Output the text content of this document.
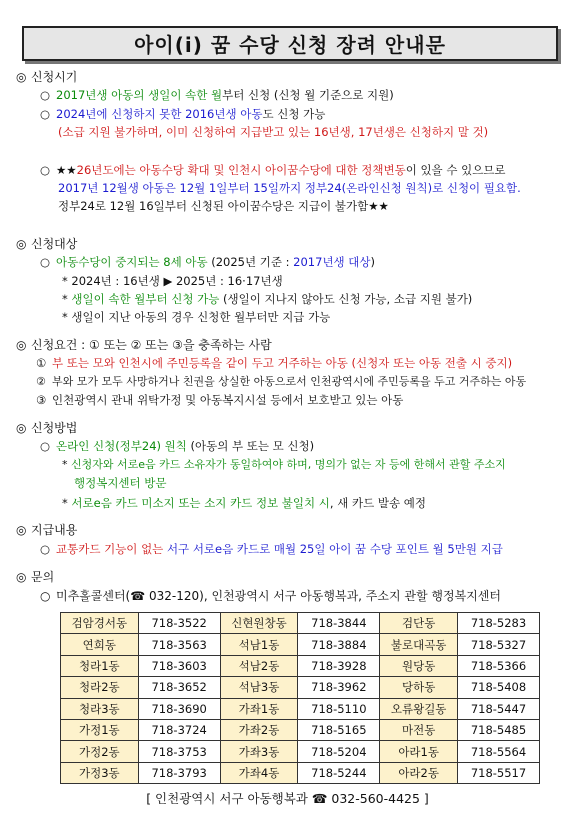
아이(i) 꿈 수당 신청 장려 안내문
◎ 신청시기
○ 2017년생 아동의 생일이 속한 월부터 신청 (신청 월 기준으로 지원)
○ 2024년에 신청하지 못한 2016년생 아동도 신청 가능
(소급 지원 불가하며, 이미 신청하여 지급받고 있는 16년생, 17년생은 신청하지 말 것)
○ ★★26년도에는 아동수당 확대 및 인천시 아이꿈수당에 대한 정책변동이 있을 수 있으므로
2017년 12월생 아동은 12월 1일부터 15일까지 정부24(온라인신청 원칙)로 신청이 필요함.
정부24로 12월 16일부터 신청된 아이꿈수당은 지급이 불가함★★
◎ 신청대상
○ 아동수당이 중지되는 8세 아동 (2025년 기준 : 2017년생 대상)
* 2024년 : 16년생 ▶ 2025년 : 16·17년생
* 생일이 속한 월부터 신청 가능 (생일이 지나지 않아도 신청 가능, 소급 지원 불가)
* 생일이 지난 아동의 경우 신청한 월부터만 지급 가능
◎ 신청요건 : ① 또는 ② 또는 ③을 충족하는 사람
① 부 또는 모와 인천시에 주민등록을 같이 두고 거주하는 아동 (신청자 또는 아동 전출 시 중지)
② 부와 모가 모두 사망하거나 친권을 상실한 아동으로서 인천광역시에 주민등록을 두고 거주하는 아동
③ 인천광역시 관내 위탁가정 및 아동복지시설 등에서 보호받고 있는 아동
◎ 신청방법
○ 온라인 신청(정부24) 원칙 (아동의 부 또는 모 신청)
* 신청자와 서로e음 카드 소유자가 동일하여야 하며, 명의가 없는 자 등에 한해서 관할 주소지
행정복지센터 방문
* 서로e음 카드 미소지 또는 소지 카드 정보 불일치 시, 새 카드 발송 예정
◎ 지급내용
○ 교통카드 기능이 없는 서구 서로e음 카드로 매월 25일 아이 꿈 수당 포인트 월 5만원 지급
◎ 문의
○ 미추홀콜센터(☎ 032-120), 인천광역시 서구 아동행복과, 주소지 관할 행정복지센터
검암경서동	718-3522	신현원창동	718-3844	검단동	718-5283
연희동	718-3563	석남1동	718-3884	불로대곡동	718-5327
청라1동	718-3603	석남2동	718-3928	원당동	718-5366
청라2동	718-3652	석남3동	718-3962	당하동	718-5408
청라3동	718-3690	가좌1동	718-5110	오류왕길동	718-5447
가정1동	718-3724	가좌2동	718-5165	마전동	718-5485
가정2동	718-3753	가좌3동	718-5204	아라1동	718-5564
가정3동	718-3793	가좌4동	718-5244	아라2동	718-5517
[ 인천광역시 서구 아동행복과 ☎ 032-560-4425 ]
